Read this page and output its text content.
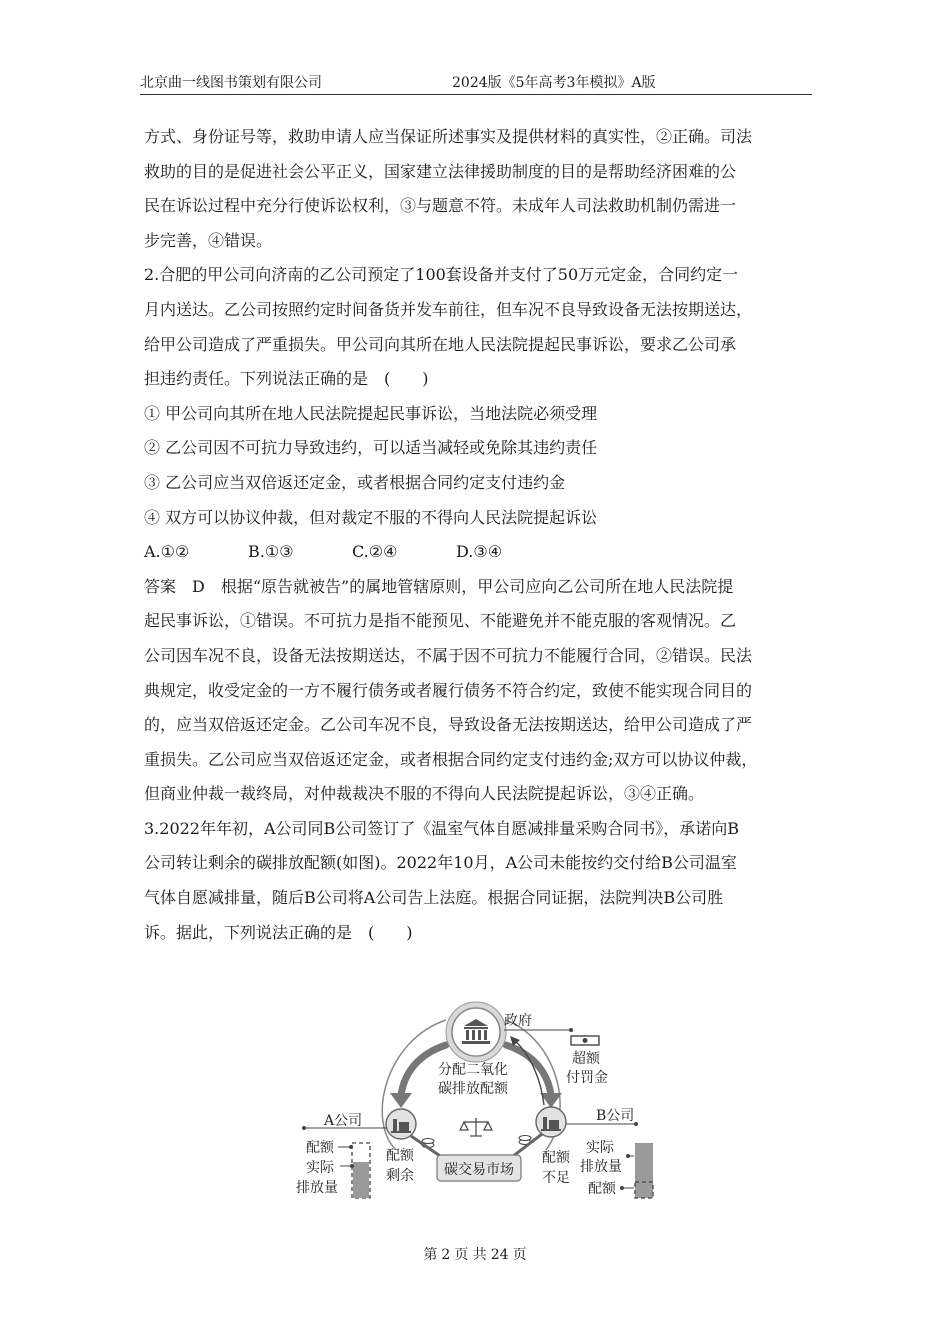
北京曲一线图书策划有限公司	2024版《5年高考3年模拟》A版

方式、身份证号等，救助申请人应当保证所述事实及提供材料的真实性，②正确。司法

救助的目的是促进社会公平正义，国家建立法律援助制度的目的是帮助经济困难的公

民在诉讼过程中充分行使诉讼权利，③与题意不符。未成年人司法救助机制仍需进一

步完善，④错误。

2.合肥的甲公司向济南的乙公司预定了100套设备并支付了50万元定金，合同约定一

月内送达。乙公司按照约定时间备货并发车前往，但车况不良导致设备无法按期送达，

给甲公司造成了严重损失。甲公司向其所在地人民法院提起民事诉讼，要求乙公司承

担违约责任。下列说法正确的是　(　　)

① 甲公司向其所在地人民法院提起民事诉讼，当地法院必须受理

② 乙公司因不可抗力导致违约，可以适当减轻或免除其违约责任

③ 乙公司应当双倍返还定金，或者根据合同约定支付违约金

④ 双方可以协议仲裁，但对裁定不服的不得向人民法院提起诉讼

A.①②	B.①③	C.②④	D.③④

答案　D　根据“原告就被告”的属地管辖原则，甲公司应向乙公司所在地人民法院提

起民事诉讼，①错误。不可抗力是指不能预见、不能避免并不能克服的客观情况。乙

公司因车况不良，设备无法按期送达，不属于因不可抗力不能履行合同，②错误。民法

典规定，收受定金的一方不履行债务或者履行债务不符合约定，致使不能实现合同目的

的，应当双倍返还定金。乙公司车况不良，导致设备无法按期送达，给甲公司造成了严

重损失。乙公司应当双倍返还定金，或者根据合同约定支付违约金;双方可以协议仲裁，

但商业仲裁一裁终局，对仲裁裁决不服的不得向人民法院提起诉讼，③④正确。

3.2022年年初，A公司同B公司签订了《温室气体自愿减排量采购合同书》，承诺向B

公司转让剩余的碳排放配额(如图)。2022年10月，A公司未能按约交付给B公司温室

气体自愿减排量，随后B公司将A公司告上法庭。根据合同证据，法院判决B公司胜

诉。据此，下列说法正确的是　(　　)

政府
超额
付罚金
分配二氧化
碳排放配额
A公司	B公司
碳交易市场
配额
剩余
配额
不足
配额
实际
排放量
实际
排放量
配额
第 2 页 共 24 页
